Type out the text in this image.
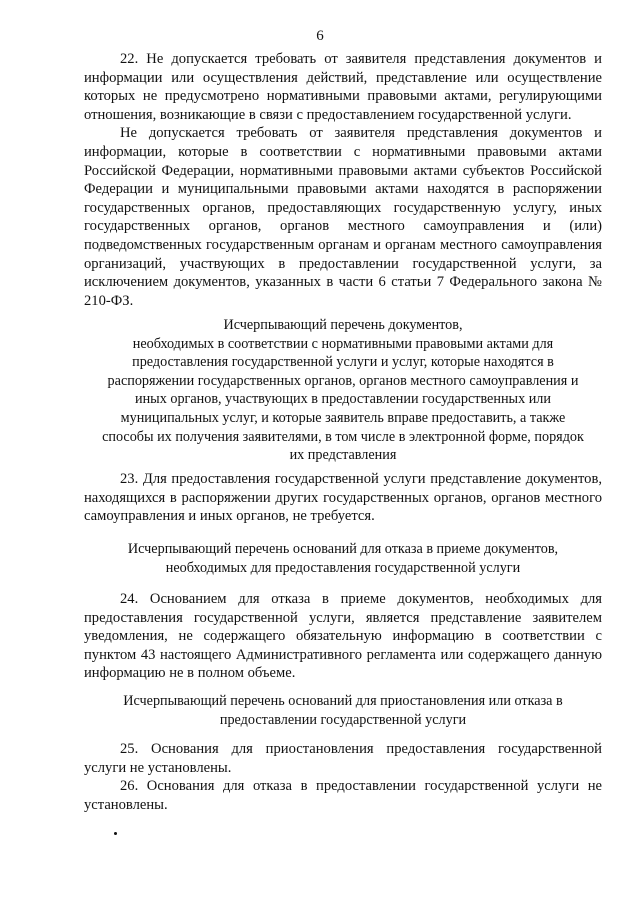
6

22. Не допускается требовать от заявителя представления документов и информации или осуществления действий, представление или осуществление которых не предусмотрено нормативными правовыми актами, регулирующими отношения, возникающие в связи с предоставлением государственной услуги.

Не допускается требовать от заявителя представления документов и информации, которые в соответствии с нормативными правовыми актами Российской Федерации, нормативными правовыми актами субъектов Российской Федерации и муниципальными правовыми актами находятся в распоряжении государственных органов, предоставляющих государственную услугу, иных государственных органов, органов местного самоуправления и (или) подведомственных государственным органам и органам местного самоуправления организаций, участвующих в предоставлении государственной услуги, за исключением документов, указанных в части 6 статьи 7 Федерального закона № 210-ФЗ.

Исчерпывающий перечень документов,
необходимых в соответствии с нормативными правовыми актами для
предоставления государственной услуги и услуг, которые находятся в
распоряжении государственных органов, органов местного самоуправления и
иных органов, участвующих в предоставлении государственных или
муниципальных услуг, и которые заявитель вправе предоставить, а также
способы их получения заявителями, в том числе в электронной форме, порядок
их представления

23. Для предоставления государственной услуги представление документов, находящихся в распоряжении других государственных органов, органов местного самоуправления и иных органов, не требуется.

Исчерпывающий перечень оснований для отказа в приеме документов,
необходимых для предоставления государственной услуги

24. Основанием для отказа в приеме документов, необходимых для предоставления государственной услуги, является представление заявителем уведомления, не содержащего обязательную информацию в соответствии с пунктом 43 настоящего Административного регламента или содержащего данную информацию не в полном объеме.

Исчерпывающий перечень оснований для приостановления или отказа в
предоставлении государственной услуги

25. Основания для приостановления предоставления государственной услуги не установлены.

26. Основания для отказа в предоставлении государственной услуги не установлены.
